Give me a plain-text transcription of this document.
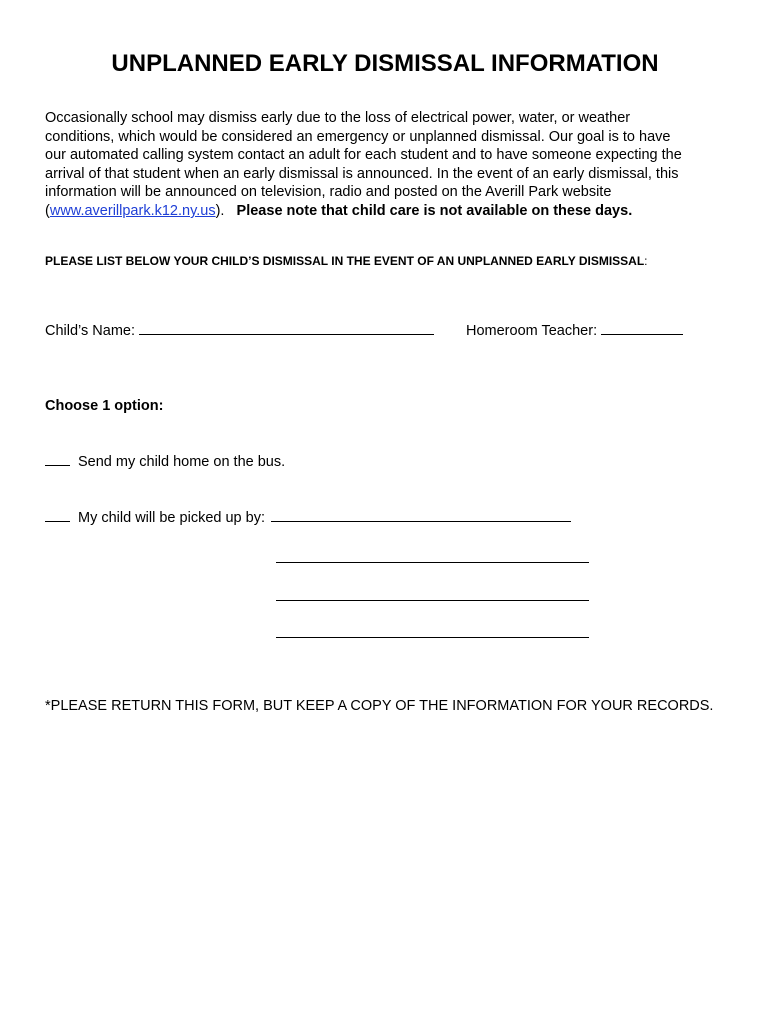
UNPLANNED EARLY DISMISSAL INFORMATION
Occasionally school may dismiss early due to the loss of electrical power, water, or weather
conditions, which would be considered an emergency or unplanned dismissal. Our goal is to have
our automated calling system contact an adult for each student and to have someone expecting the
arrival of that student when an early dismissal is announced. In the event of an early dismissal, this
information will be announced on television, radio and posted on the Averill Park website
(www.averillpark.k12.ny.us). Please note that child care is not available on these days.
PLEASE LIST BELOW YOUR CHILD’S DISMISSAL IN THE EVENT OF AN UNPLANNED EARLY DISMISSAL:
Child’s Name:	Homeroom Teacher:
Choose 1 option:
Send my child home on the bus.
My child will be picked up by:
*PLEASE RETURN THIS FORM, BUT KEEP A COPY OF THE INFORMATION FOR YOUR RECORDS.
